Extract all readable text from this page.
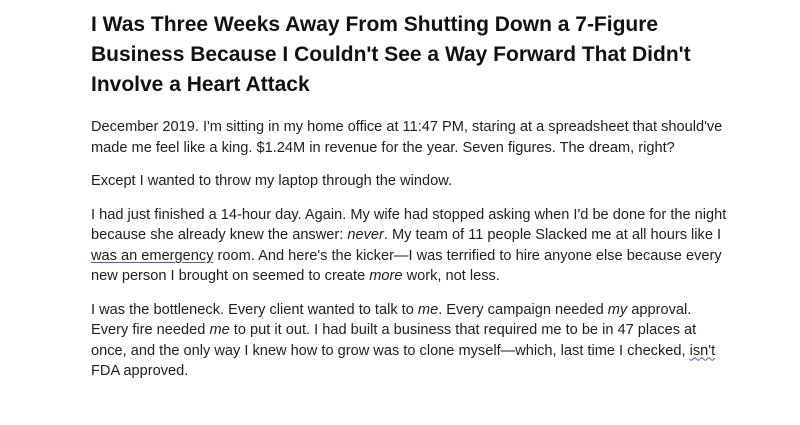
I Was Three Weeks Away From Shutting Down a 7-Figure Business Because I Couldn't See a Way Forward That Didn't Involve a Heart Attack

December 2019. I'm sitting in my home office at 11:47 PM, staring at a spreadsheet that should've made me feel like a king. $1.24M in revenue for the year. Seven figures. The dream, right?

Except I wanted to throw my laptop through the window.

I had just finished a 14-hour day. Again. My wife had stopped asking when I'd be done for the night because she already knew the answer: never. My team of 11 people Slacked me at all hours like I was an emergency room. And here's the kicker—I was terrified to hire anyone else because every new person I brought on seemed to create more work, not less.

I was the bottleneck. Every client wanted to talk to me. Every campaign needed my approval. Every fire needed me to put it out. I had built a business that required me to be in 47 places at once, and the only way I knew how to grow was to clone myself—which, last time I checked, isn't FDA approved.
